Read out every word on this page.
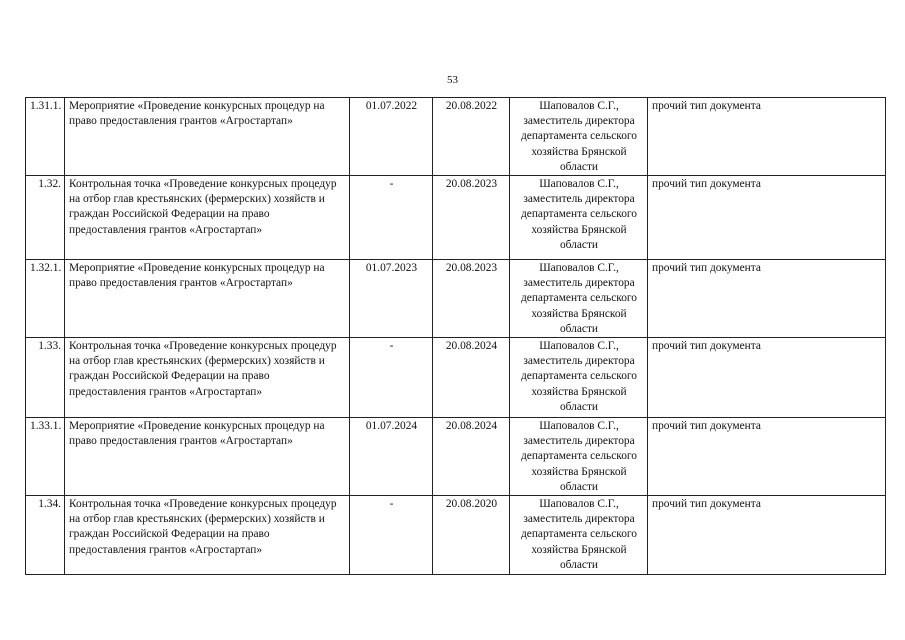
53
1.31.1.	Мероприятие «Проведение конкурсных процедур на право предоставления грантов «Агростартап»	01.07.2022	20.08.2022	Шаповалов С.Г., заместитель директора департамента сельского хозяйства Брянской области	прочий тип документа
1.32.	Контрольная точка «Проведение конкурсных процедур на отбор глав крестьянских (фермерских) хозяйств и граждан Российской Федерации на право предоставления грантов «Агростартап»	-	20.08.2023	Шаповалов С.Г., заместитель директора департамента сельского хозяйства Брянской области	прочий тип документа
1.32.1.	Мероприятие «Проведение конкурсных процедур на право предоставления грантов «Агростартап»	01.07.2023	20.08.2023	Шаповалов С.Г., заместитель директора департамента сельского хозяйства Брянской области	прочий тип документа
1.33.	Контрольная точка «Проведение конкурсных процедур на отбор глав крестьянских (фермерских) хозяйств и граждан Российской Федерации на право предоставления грантов «Агростартап»	-	20.08.2024	Шаповалов С.Г., заместитель директора департамента сельского хозяйства Брянской области	прочий тип документа
1.33.1.	Мероприятие «Проведение конкурсных процедур на право предоставления грантов «Агростартап»	01.07.2024	20.08.2024	Шаповалов С.Г., заместитель директора департамента сельского хозяйства Брянской области	прочий тип документа
1.34.	Контрольная точка «Проведение конкурсных процедур на отбор глав крестьянских (фермерских) хозяйств и граждан Российской Федерации на право предоставления грантов «Агростартап»	-	20.08.2020	Шаповалов С.Г., заместитель директора департамента сельского хозяйства Брянской области	прочий тип документа
